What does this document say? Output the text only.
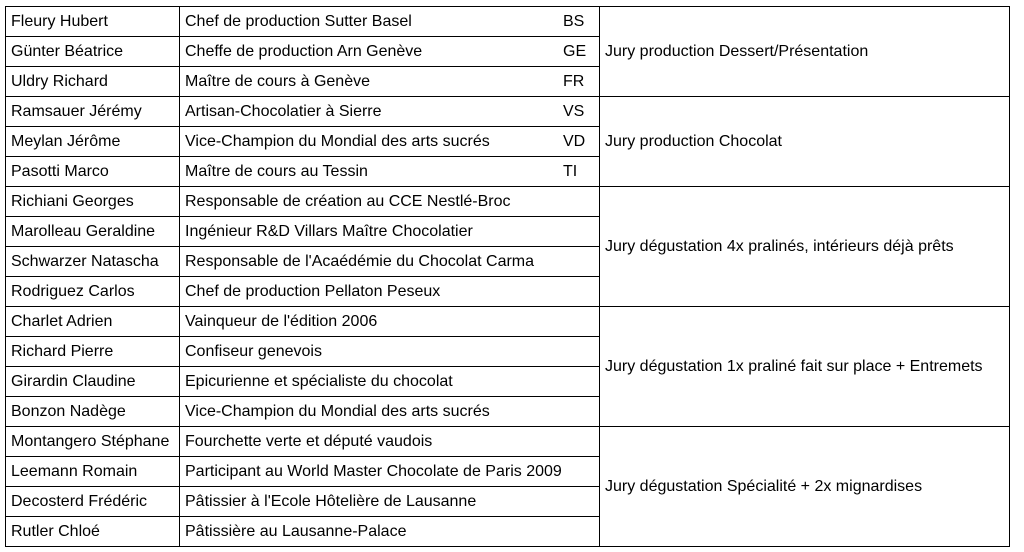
Fleury Hubert	Chef de production Sutter Basel	BS	Jury production Dessert/Présentation
Günter Béatrice	Cheffe de production Arn Genève	GE	
Uldry Richard	Maître de cours à Genève	FR	
Ramsauer Jérémy	Artisan-Chocolatier à Sierre	VS	Jury production Chocolat
Meylan Jérôme	Vice-Champion du Mondial des arts sucrés	VD	
Pasotti Marco	Maître de cours au Tessin	TI	
Richiani Georges	Responsable de création au CCE Nestlé-Broc		Jury dégustation 4x pralinés, intérieurs déjà prêts
Marolleau Geraldine	Ingénieur R&D Villars Maître Chocolatier		
Schwarzer Natascha	Responsable de l'Acaédémie du Chocolat Carma		
Rodriguez Carlos	Chef de production Pellaton Peseux		
Charlet Adrien	Vainqueur de l'édition 2006		Jury dégustation 1x praliné fait sur place + Entremets
Richard Pierre	Confiseur genevois		
Girardin Claudine	Epicurienne et spécialiste du chocolat		
Bonzon Nadège	Vice-Champion du Mondial des arts sucrés		
Montangero Stéphane	Fourchette verte et député vaudois		Jury dégustation Spécialité + 2x mignardises
Leemann Romain	Participant au World Master Chocolate de Paris 2009		
Decosterd Frédéric	Pâtissier à l'Ecole Hôtelière de Lausanne		
Rutler Chloé	Pâtissière au Lausanne-Palace		
